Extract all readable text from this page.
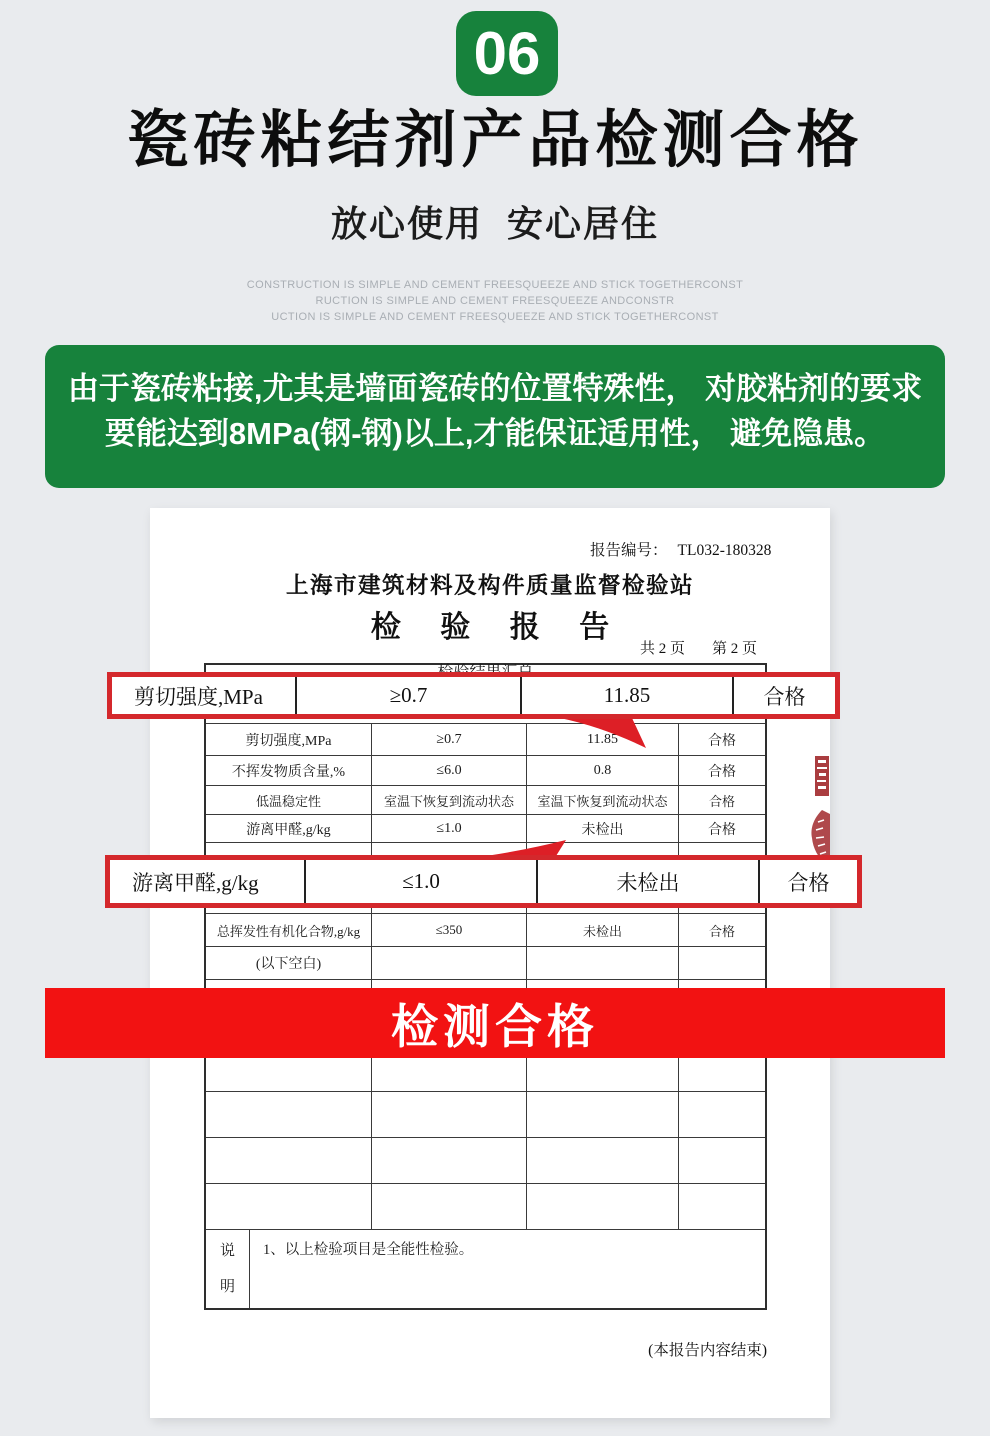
06
瓷砖粘结剂产品检测合格
放心使用  安心居住
CONSTRUCTION IS SIMPLE AND CEMENT FREESQUEEZE AND STICK TOGETHERCONST
RUCTION IS SIMPLE AND CEMENT FREESQUEEZE ANDCONSTR
UCTION IS SIMPLE AND CEMENT FREESQUEEZE AND STICK TOGETHERCONST
由于瓷砖粘接,尤其是墙面瓷砖的位置特殊性， 对胶粘剂的要求
要能达到8MPa(钢-钢)以上,才能保证适用性， 避免隐患。
报告编号： TL032-180328
上海市建筑材料及构件质量监督检验站
检 验 报 告
共 2 页 第 2 页
剪切强度,MPa	≥0.7	11.85	合格
不挥发物质含量,%	≤6.0	0.8	合格
低温稳定性	室温下恢复到流动状态	室温下恢复到流动状态	合格
游离甲醛,g/kg	≤1.0	未检出	合格
总挥发性有机化合物,g/kg	≤350	未检出	合格
(以下空白)
说
明
1、以上检验项目是全能性检验。
(本报告内容结束)
剪切强度,MPa	≥0.7	11.85	合格
游离甲醛,g/kg	≤1.0	未检出	合格
检测合格
